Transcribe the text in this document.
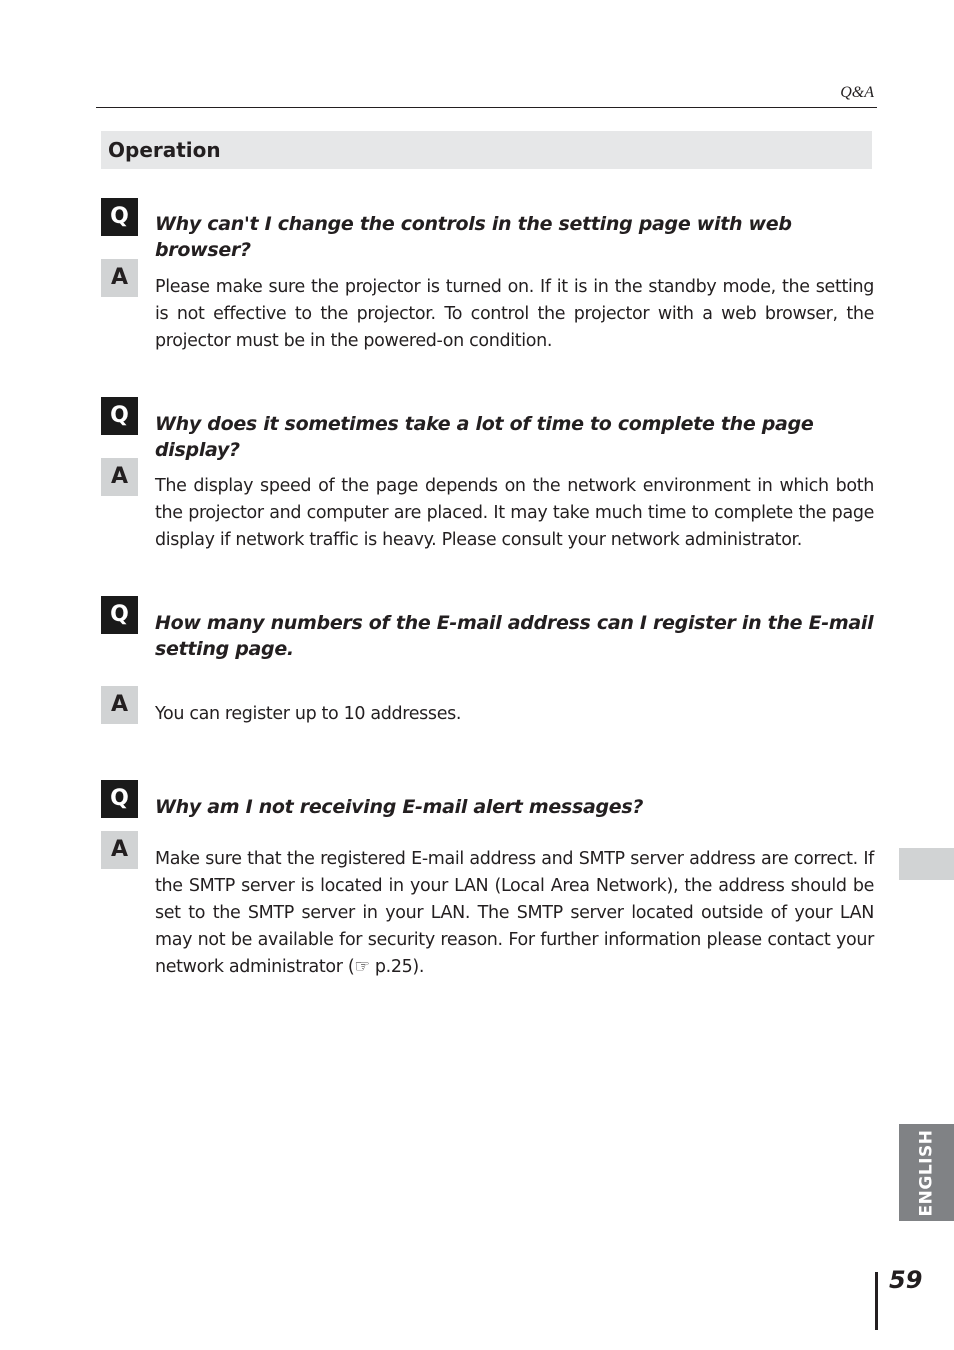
Q&A
Operation
Q	Why can't I change the controls in the setting page with web browser?

A	Please make sure the projector is turned on. If it is in the standby mode, the setting is not effective to the projector. To control the projector with a web browser, the projector must be in the powered-on condition.

Q	Why does it sometimes take a lot of time to complete the page display?

A	The display speed of the page depends on the network environment in which both the projector and computer are placed. It may take much time to complete the page display if network traffic is heavy. Please consult your network administrator.

Q	How many numbers of the E-mail address can I register in the E-mail setting page.

A	You can register up to 10 addresses.

Q	Why am I not receiving E-mail alert messages?

A	Make sure that the registered E-mail address and SMTP server address are correct. If the SMTP server is located in your LAN (Local Area Network), the address should be set to the SMTP server in your LAN. The SMTP server located outside of your LAN may not be available for security reason. For further information please contact your network administrator (☞ p.25).

ENGLISH
59
